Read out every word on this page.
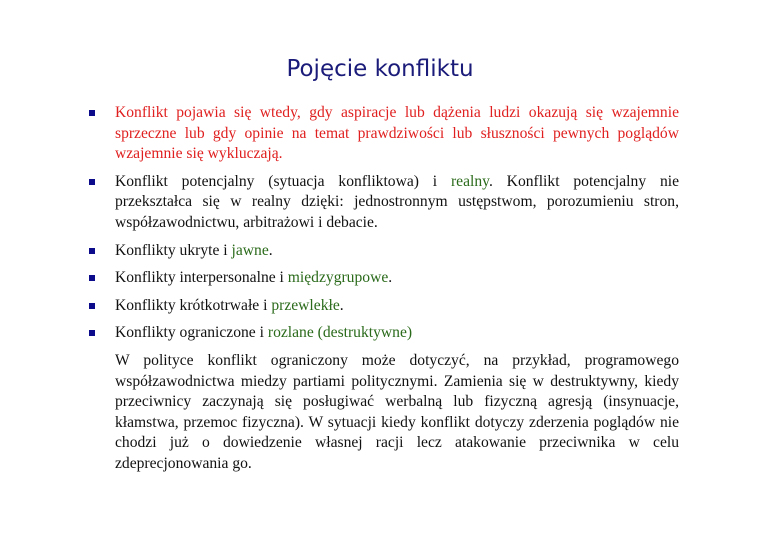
Pojęcie konfliktu
Konflikt pojawia się wtedy, gdy aspiracje lub dążenia ludzi okazują się wzajemnie sprzeczne lub gdy opinie na temat prawdziwości lub słuszności pewnych poglądów wzajemnie się wykluczają.
Konflikt potencjalny (sytuacja konfliktowa) i realny. Konflikt potencjalny nie przekształca się w realny dzięki: jednostronnym ustępstwom, porozumieniu stron, współzawodnictwu, arbitrażowi i debacie.
Konflikty ukryte i jawne.
Konflikty interpersonalne i międzygrupowe.
Konflikty krótkotrwałe i przewlekłe.
Konflikty ograniczone i rozlane (destruktywne)
W polityce konflikt ograniczony może dotyczyć, na przykład, programowego współzawodnictwa miedzy partiami politycznymi. Zamienia się w destruktywny, kiedy przeciwnicy zaczynają się posługiwać werbalną lub fizyczną agresją (insynuacje, kłamstwa, przemoc fizyczna). W sytuacji kiedy konflikt dotyczy zderzenia poglądów nie chodzi już o dowiedzenie własnej racji lecz atakowanie przeciwnika w celu zdeprecjonowania go.
